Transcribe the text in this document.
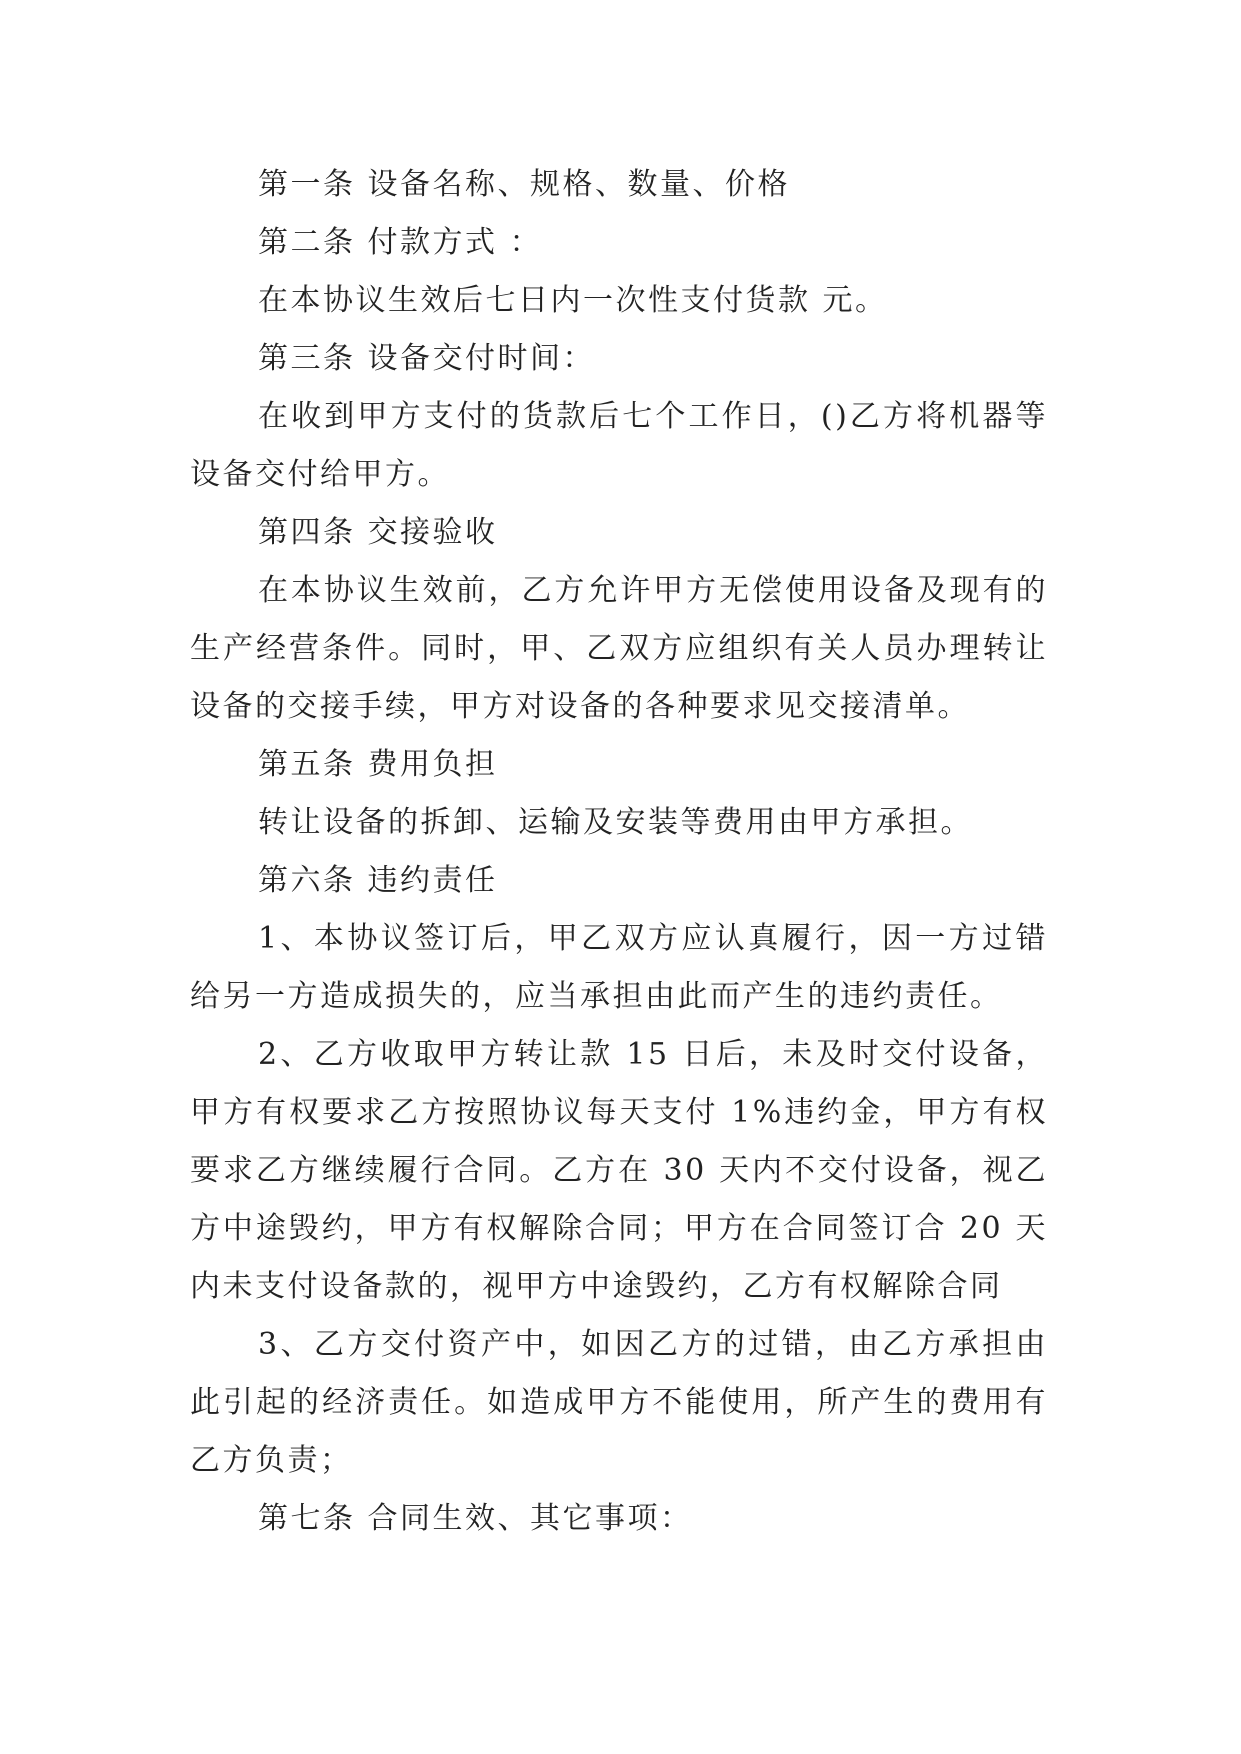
第一条 设备名称、规格、数量、价格

第二条 付款方式 ：

在本协议生效后七日内一次性支付货款 元。

第三条 设备交付时间：

在收到甲方支付的货款后七个工作日，()乙方将机器等设备交付给甲方。

第四条 交接验收

在本协议生效前，乙方允许甲方无偿使用设备及现有的生产经营条件。同时，甲、乙双方应组织有关人员办理转让设备的交接手续，甲方对设备的各种要求见交接清单。

第五条 费用负担

转让设备的拆卸、运输及安装等费用由甲方承担。

第六条 违约责任

1、本协议签订后，甲乙双方应认真履行，因一方过错给另一方造成损失的，应当承担由此而产生的违约责任。

2、乙方收取甲方转让款 15 日后，未及时交付设备，甲方有权要求乙方按照协议每天支付 1%违约金，甲方有权要求乙方继续履行合同。乙方在 30 天内不交付设备，视乙方中途毁约，甲方有权解除合同；甲方在合同签订合 20 天内未支付设备款的，视甲方中途毁约，乙方有权解除合同

3、乙方交付资产中，如因乙方的过错，由乙方承担由此引起的经济责任。如造成甲方不能使用，所产生的费用有乙方负责；

第七条 合同生效、其它事项：
